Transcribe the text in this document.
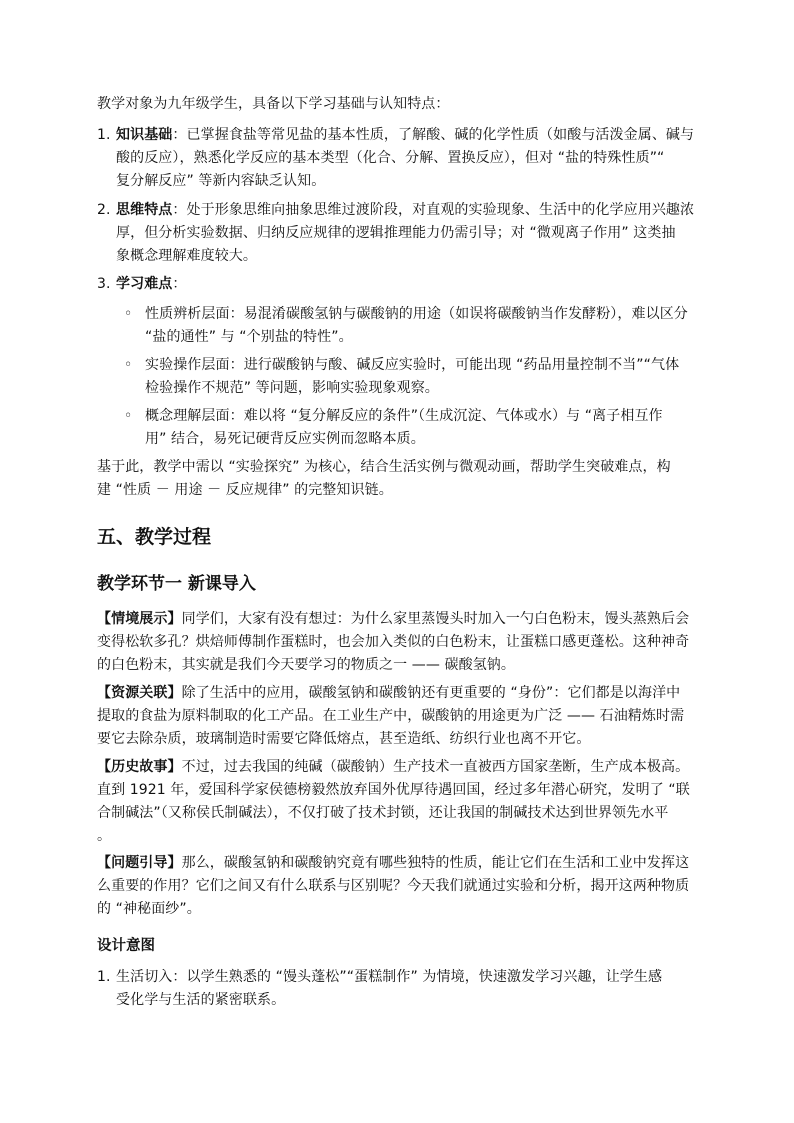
教学对象为九年级学生，具备以下学习基础与认知特点：

1. 知识基础：已掌握食盐等常见盐的基本性质，了解酸、碱的化学性质（如酸与活泼金属、碱与

酸的反应），熟悉化学反应的基本类型（化合、分解、置换反应），但对 “盐的特殊性质”“

复分解反应” 等新内容缺乏认知。

2. 思维特点：处于形象思维向抽象思维过渡阶段，对直观的实验现象、生活中的化学应用兴趣浓

厚，但分析实验数据、归纳反应规律的逻辑推理能力仍需引导；对 “微观离子作用” 这类抽

象概念理解难度较大。

3. 学习难点：

◦ 性质辨析层面：易混淆碳酸氢钠与碳酸钠的用途（如误将碳酸钠当作发酵粉），难以区分

“盐的通性” 与 “个别盐的特性”。

◦ 实验操作层面：进行碳酸钠与酸、碱反应实验时，可能出现 “药品用量控制不当”“气体

检验操作不规范” 等问题，影响实验现象观察。

◦ 概念理解层面：难以将 “复分解反应的条件”（生成沉淀、气体或水）与 “离子相互作

用” 结合，易死记硬背反应实例而忽略本质。

基于此，教学中需以 “实验探究” 为核心，结合生活实例与微观动画，帮助学生突破难点，构

建 “性质 － 用途 － 反应规律” 的完整知识链。

五、教学过程
教学环节一 新课导入

【情境展示】同学们，大家有没有想过：为什么家里蒸馒头时加入一勺白色粉末，馒头蒸熟后会

变得松软多孔？烘焙师傅制作蛋糕时，也会加入类似的白色粉末，让蛋糕口感更蓬松。这种神奇

的白色粉末，其实就是我们今天要学习的物质之一 —— 碳酸氢钠。

【资源关联】除了生活中的应用，碳酸氢钠和碳酸钠还有更重要的 “身份”：它们都是以海洋中

提取的食盐为原料制取的化工产品。在工业生产中，碳酸钠的用途更为广泛 —— 石油精炼时需

要它去除杂质，玻璃制造时需要它降低熔点，甚至造纸、纺织行业也离不开它。

【历史故事】不过，过去我国的纯碱（碳酸钠）生产技术一直被西方国家垄断，生产成本极高。

直到 1921 年，爱国科学家侯德榜毅然放弃国外优厚待遇回国，经过多年潜心研究，发明了 “联

合制碱法”（又称侯氏制碱法），不仅打破了技术封锁，还让我国的制碱技术达到世界领先水平

。

【问题引导】那么，碳酸氢钠和碳酸钠究竟有哪些独特的性质，能让它们在生活和工业中发挥这

么重要的作用？它们之间又有什么联系与区别呢？今天我们就通过实验和分析，揭开这两种物质

的 “神秘面纱”。

设计意图

1. 生活切入：以学生熟悉的 “馒头蓬松”“蛋糕制作” 为情境，快速激发学习兴趣，让学生感

受化学与生活的紧密联系。
